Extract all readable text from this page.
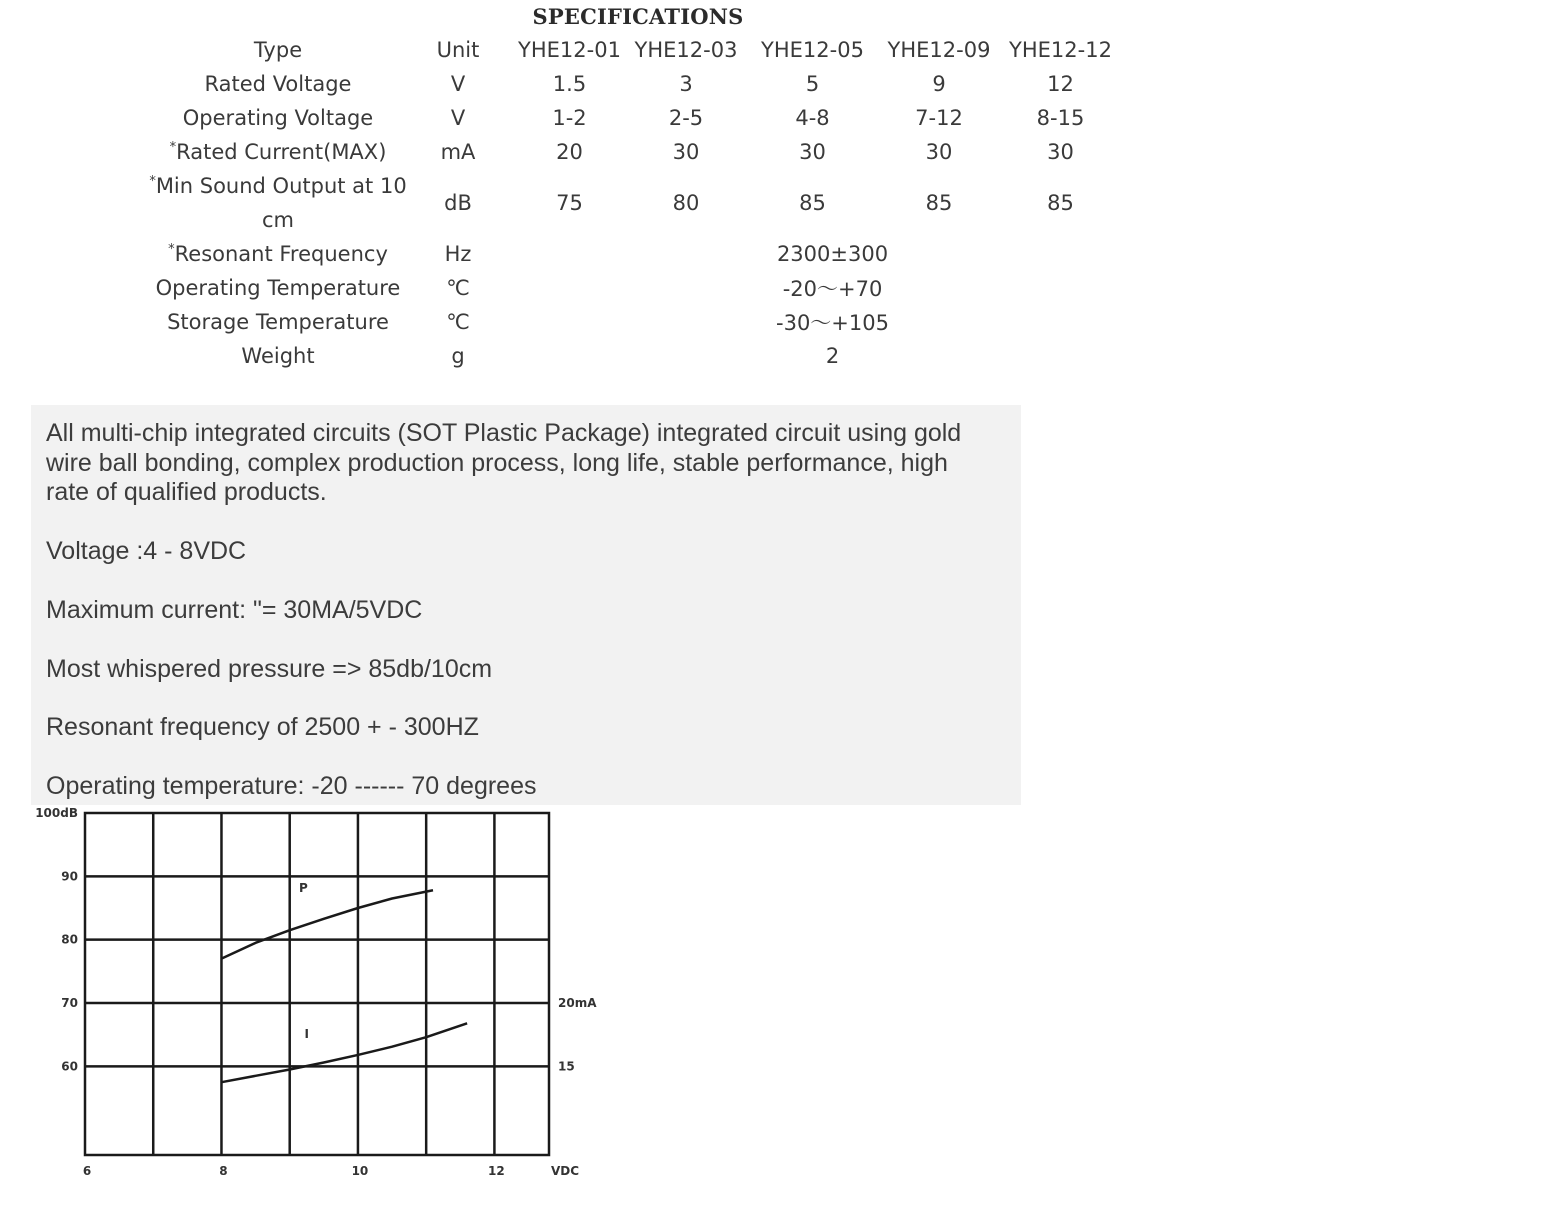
SPECIFICATIONS
Type	Unit	YHE12-01	YHE12-03	YHE12-05	YHE12-09	YHE12-12
Rated Voltage	V	1.5	3	5	9	12
Operating Voltage	V	1-2	2-5	4-8	7-12	8-15
*Rated Current(MAX)	mA	20	30	30	30	30
*Min Sound Output at 10 cm	dB	75	80	85	85	85
*Resonant Frequency	Hz	2300±300				
Operating Temperature	℃	-20～+70				
Storage Temperature	℃	-30～+105				
Weight	g	2				

All multi-chip integrated circuits (SOT Plastic Package) integrated circuit using gold wire ball bonding, complex production process, long life, stable performance, high rate of qualified products.

Voltage :4 - 8VDC

Maximum current: "= 30MA/5VDC

Most whispered pressure => 85db/10cm

Resonant frequency of 2500 + - 300HZ

Operating temperature: -20 ------ 70 degrees

100dB
90
80
70
60
20mA
15
6	8	10	12	VDC
P
I
